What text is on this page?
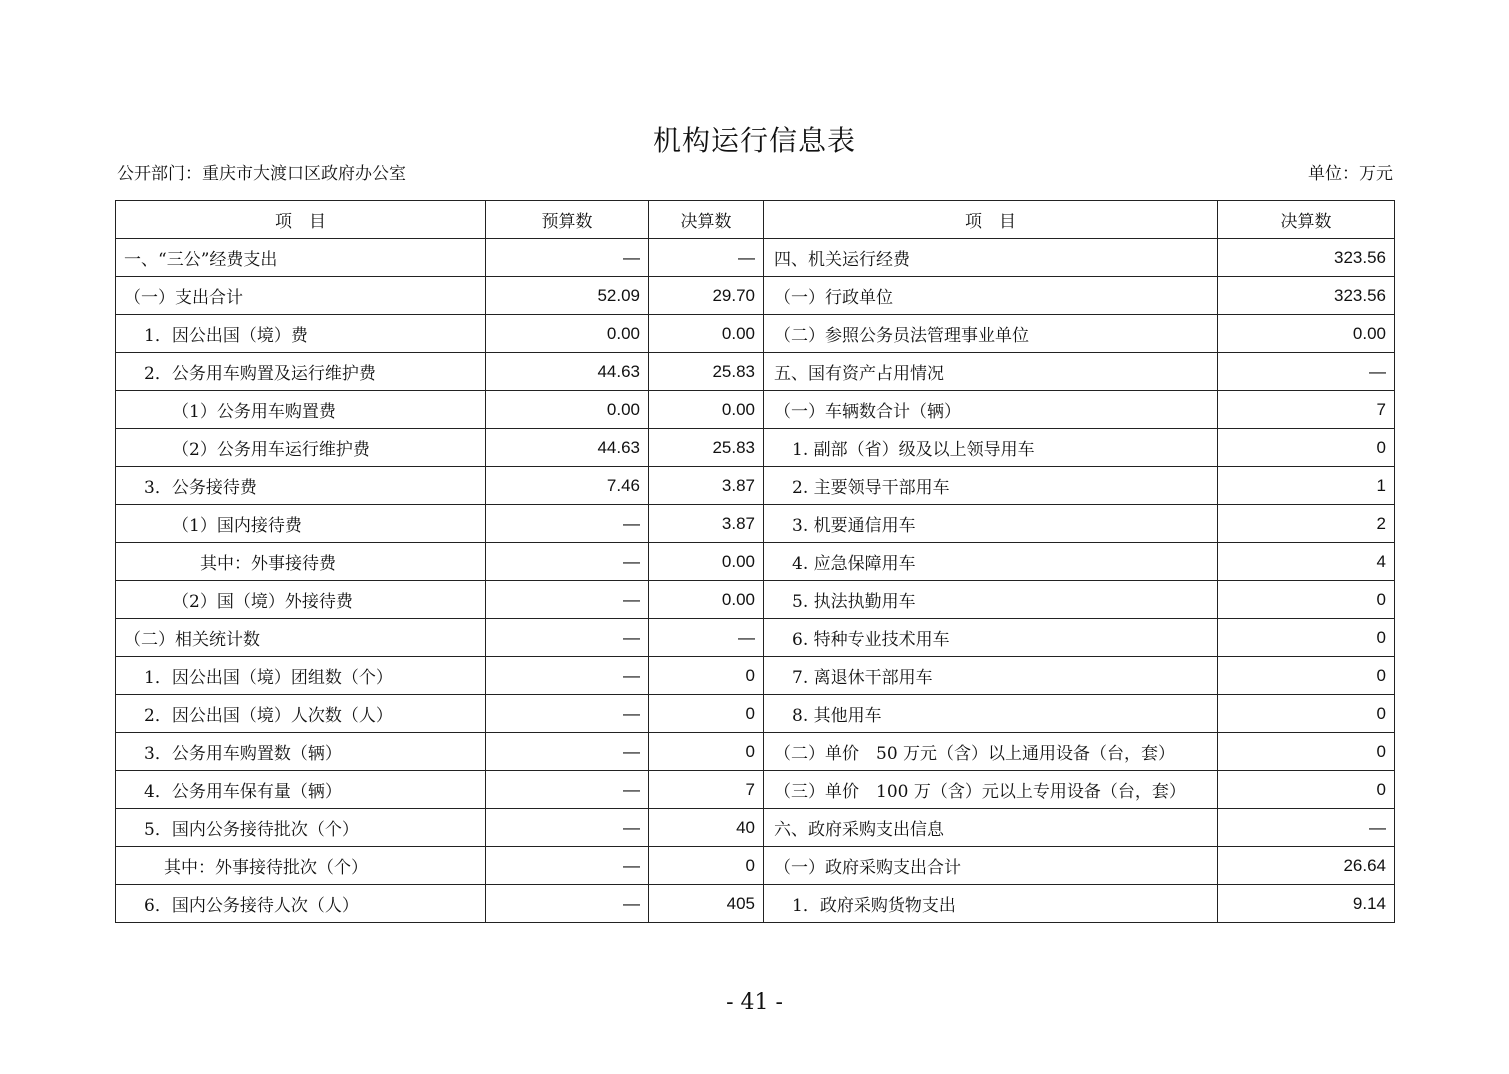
机构运行信息表
公开部门：重庆市大渡口区政府办公室	单位：万元
项　目	预算数	决算数	项　目	决算数
一、“三公”经费支出	—	—	四、机关运行经费	323.56
（一）支出合计	52.09	29.70	（一）行政单位	323.56
1．因公出国（境）费	0.00	0.00	（二）参照公务员法管理事业单位	0.00
2．公务用车购置及运行维护费	44.63	25.83	五、国有资产占用情况	—
（1）公务用车购置费	0.00	0.00	（一）车辆数合计（辆）	7
（2）公务用车运行维护费	44.63	25.83	1. 副部（省）级及以上领导用车	0
3．公务接待费	7.46	3.87	2. 主要领导干部用车	1
（1）国内接待费	—	3.87	3. 机要通信用车	2
其中：外事接待费	—	0.00	4. 应急保障用车	4
（2）国（境）外接待费	—	0.00	5. 执法执勤用车	0
（二）相关统计数	—	—	6. 特种专业技术用车	0
1．因公出国（境）团组数（个）	—	0	7. 离退休干部用车	0
2．因公出国（境）人次数（人）	—	0	8. 其他用车	0
3．公务用车购置数（辆）	—	0	（二）单价　50 万元（含）以上通用设备（台，套）	0
4．公务用车保有量（辆）	—	7	（三）单价　100 万（含）元以上专用设备（台，套）	0
5．国内公务接待批次（个）	—	40	六、政府采购支出信息	—
其中：外事接待批次（个）	—	0	（一）政府采购支出合计	26.64
6．国内公务接待人次（人）	—	405	1．政府采购货物支出	9.14
- 41 -
